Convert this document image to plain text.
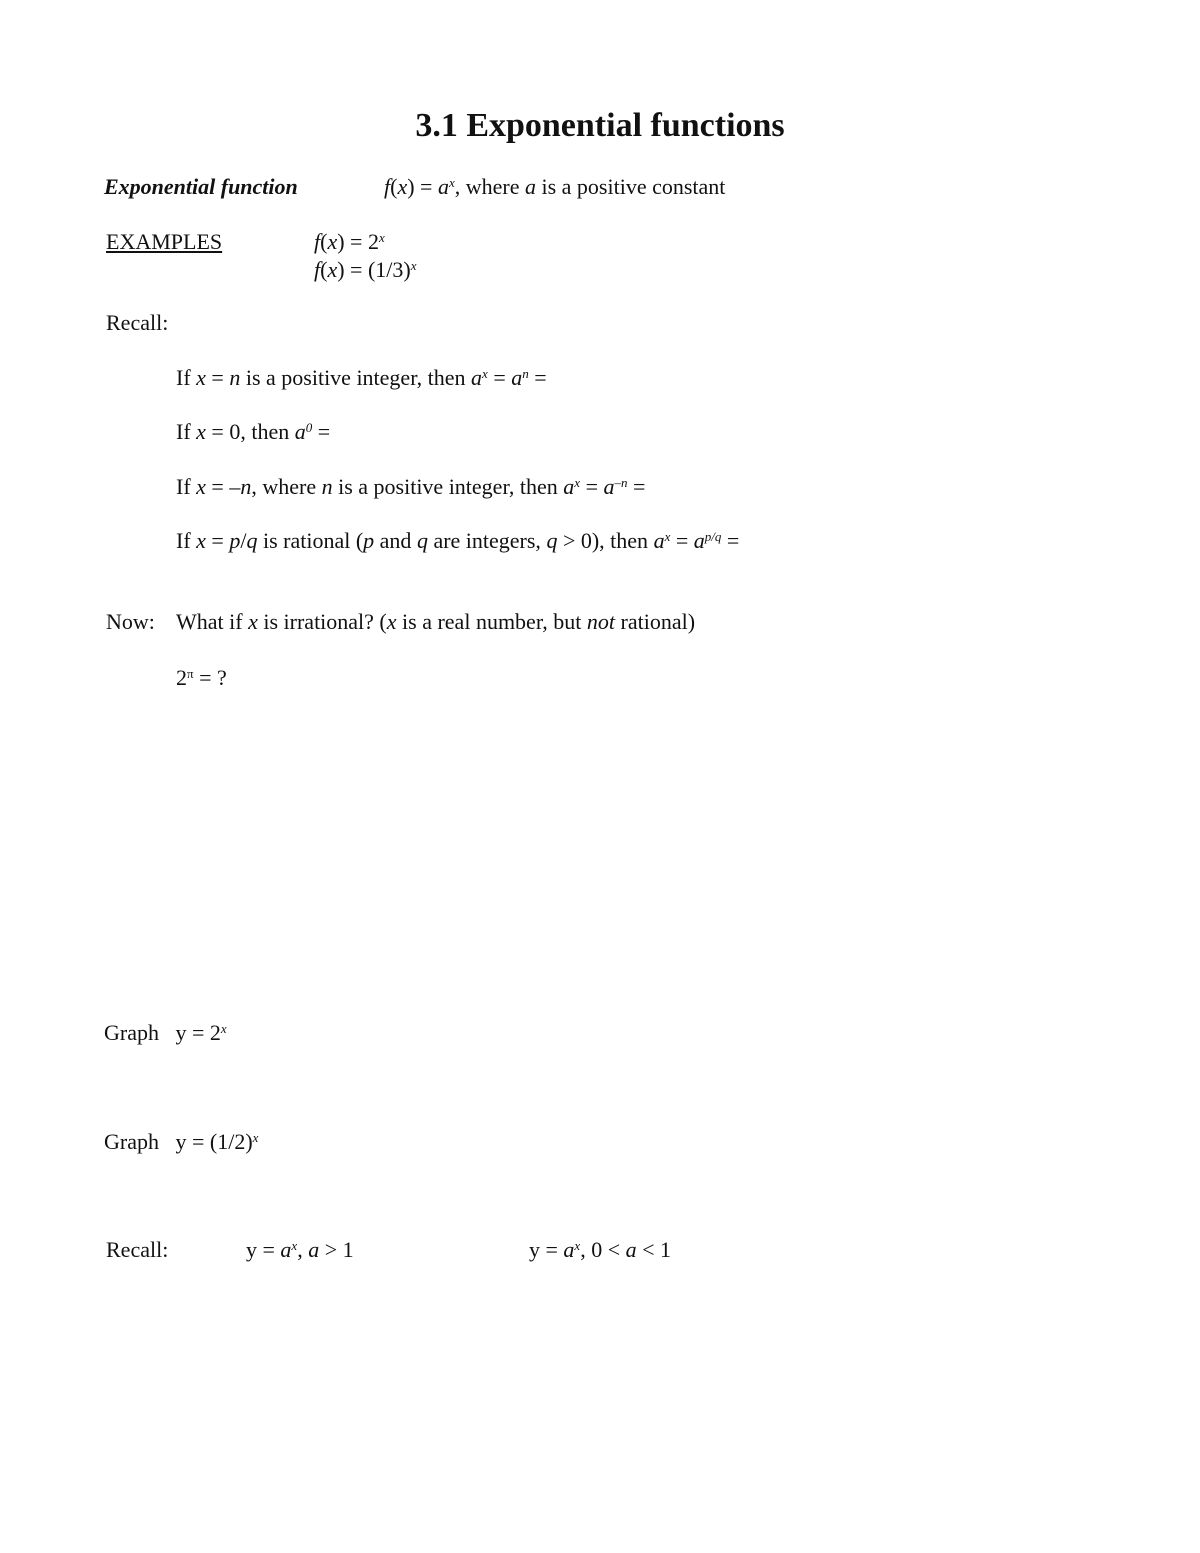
3.1 Exponential functions
Exponential function	$f(x) = a^x$, where a is a positive constant
EXAMPLES	$f(x) = 2^x$
$f(x) = (1/3)^x$
Recall:
If x = n is a positive integer, then $a^x = a^n$ =
If x = 0, then $a^0$ =
If x = –n, where n is a positive integer, then $a^x = a^{-n}$ =
If x = p/q is rational (p and q are integers, q > 0), then $a^x = a^{p/q}$ =
Now: What if x is irrational? (x is a real number, but not rational)
$2^\pi$ = ?
Graph $y = 2^x$
Graph $y = (1/2)^x$
Recall:	$y = a^x$, a > 1	$y = a^x$, 0 < a < 1
